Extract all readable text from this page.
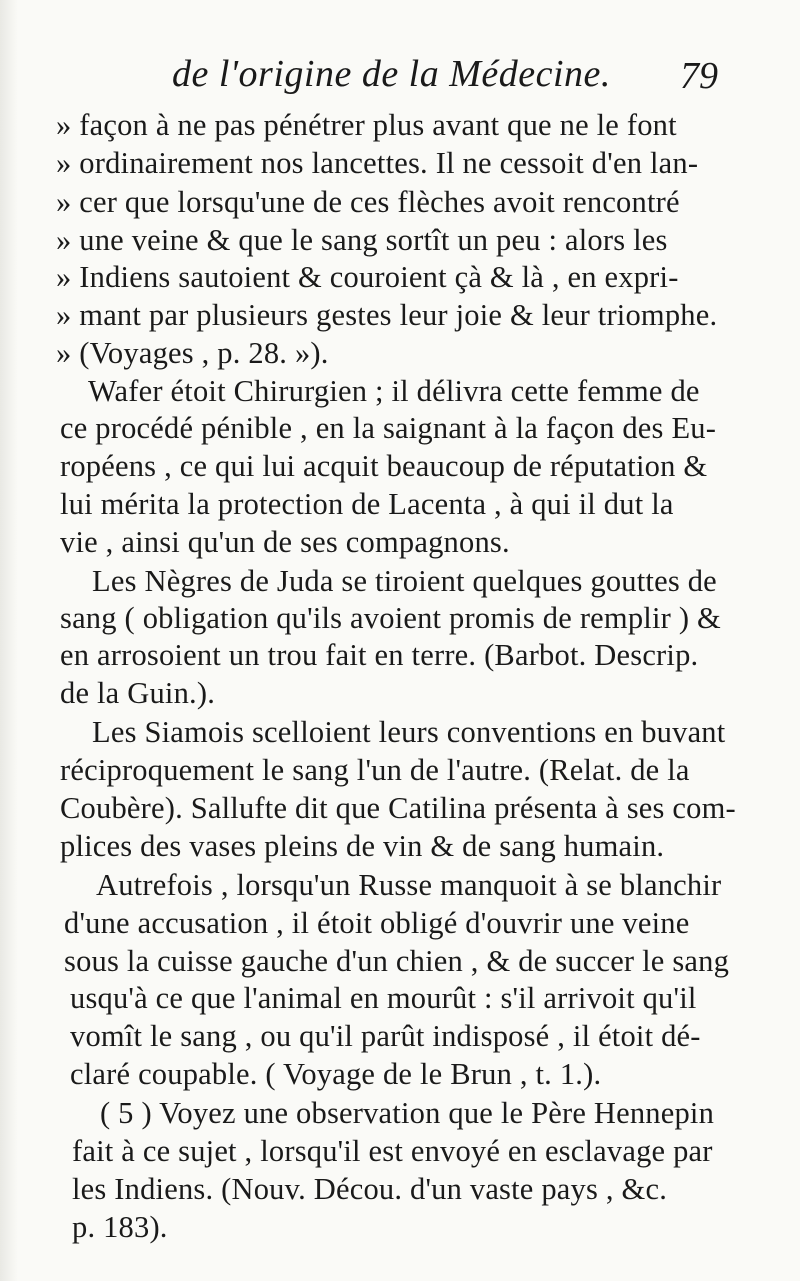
de l'origine de la Médecine. 79
» façon à ne pas pénétrer plus avant que ne le font
» ordinairement nos lancettes. Il ne cessoit d'en lan-
» cer que lorsqu'une de ces flèches avoit rencontré
» une veine & que le sang sortît un peu : alors les
» Indiens sautoient & couroient çà & là , en expri-
» mant par plusieurs gestes leur joie & leur triomphe.
» (Voyages , p. 28. »).
Wafer étoit Chirurgien ; il délivra cette femme de
ce procédé pénible , en la saignant à la façon des Eu-
ropéens , ce qui lui acquit beaucoup de réputation &
lui mérita la protection de Lacenta , à qui il dut la
vie , ainsi qu'un de ses compagnons.
Les Nègres de Juda se tiroient quelques gouttes de
sang ( obligation qu'ils avoient promis de remplir ) &
en arrosoient un trou fait en terre. (Barbot. Descrip.
de la Guin.).
Les Siamois scelloient leurs conventions en buvant
réciproquement le sang l'un de l'autre. (Relat. de la
Coubère). Sallufte dit que Catilina présenta à ses com-
plices des vases pleins de vin & de sang humain.
Autrefois , lorsqu'un Russe manquoit à se blanchir
d'une accusation , il étoit obligé d'ouvrir une veine
sous la cuisse gauche d'un chien , & de succer le sang
usqu'à ce que l'animal en mourût : s'il arrivoit qu'il
vomît le sang , ou qu'il parût indisposé , il étoit dé-
claré coupable. ( Voyage de le Brun , t. 1.).
( 5 ) Voyez une observation que le Père Hennepin
fait à ce sujet , lorsqu'il est envoyé en esclavage par
les Indiens. (Nouv. Décou. d'un vaste pays , &c.
p. 183).
